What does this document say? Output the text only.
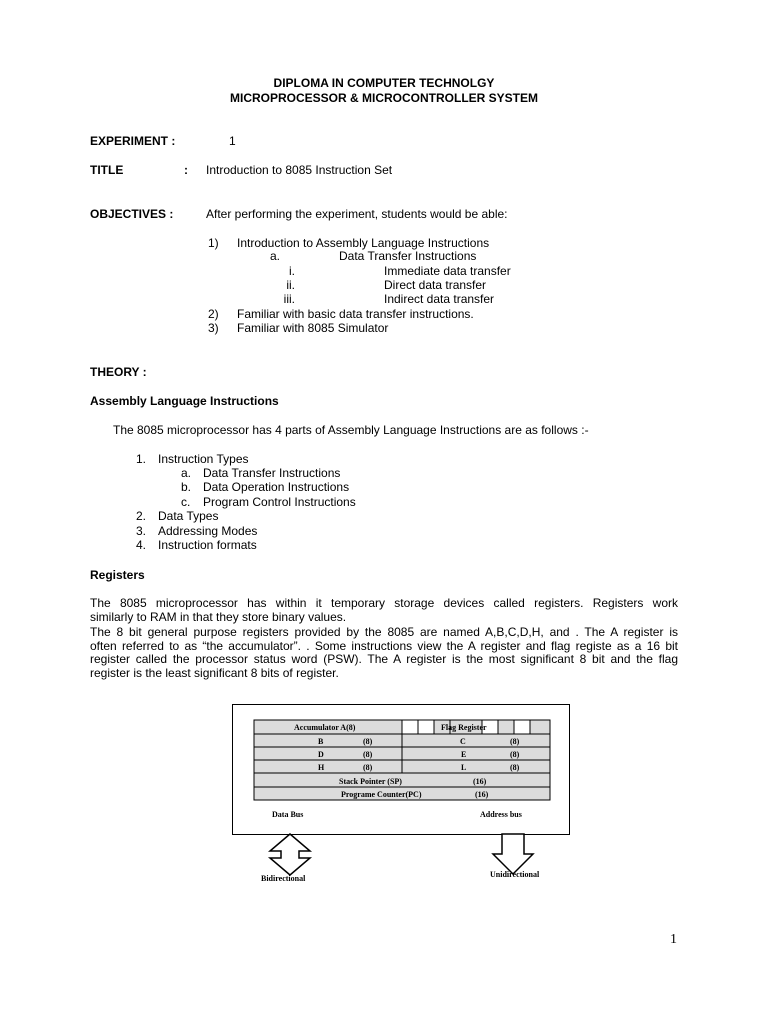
DIPLOMA IN COMPUTER TECHNOLGY
MICROPROCESSOR & MICROCONTROLLER SYSTEM
EXPERIMENT :	1
TITLE	: Introduction to 8085 Instruction Set
OBJECTIVES :	After performing the experiment, students would be able:
1) Introduction to Assembly Language Instructions
a.	Data Transfer Instructions
i.	Immediate data transfer
ii.	Direct data transfer
iii.	Indirect data transfer
2) Familiar with basic data transfer instructions.
3) Familiar with 8085 Simulator
THEORY :
Assembly Language Instructions
The 8085 microprocessor has 4 parts of Assembly Language Instructions are as follows :-
1. Instruction Types
a. Data Transfer Instructions
b. Data Operation Instructions
c. Program Control Instructions
2. Data Types
3. Addressing Modes
4. Instruction formats
Registers
The 8085 microprocessor has within it temporary storage devices called registers. Registers work
similarly to RAM in that they store binary values.
The 8 bit general purpose registers provided by the 8085 are named A,B,C,D,H, and . The A register is
often referred to as “the accumulator”. . Some instructions view the A register and flag registe as a 16 bit
register called the processor status word (PSW). The A register is the most significant 8 bit and the flag
register is the least significant 8 bits of register.
Accumulator A(8)	Flag Register
B	(8)	C	(8)
D	(8)	E	(8)
H	(8)	L	(8)
Stack Pointer (SP)	(16)
Programe Counter(PC)	(16)
Data Bus	Address bus
Bidirectional	Unidirectional
1
